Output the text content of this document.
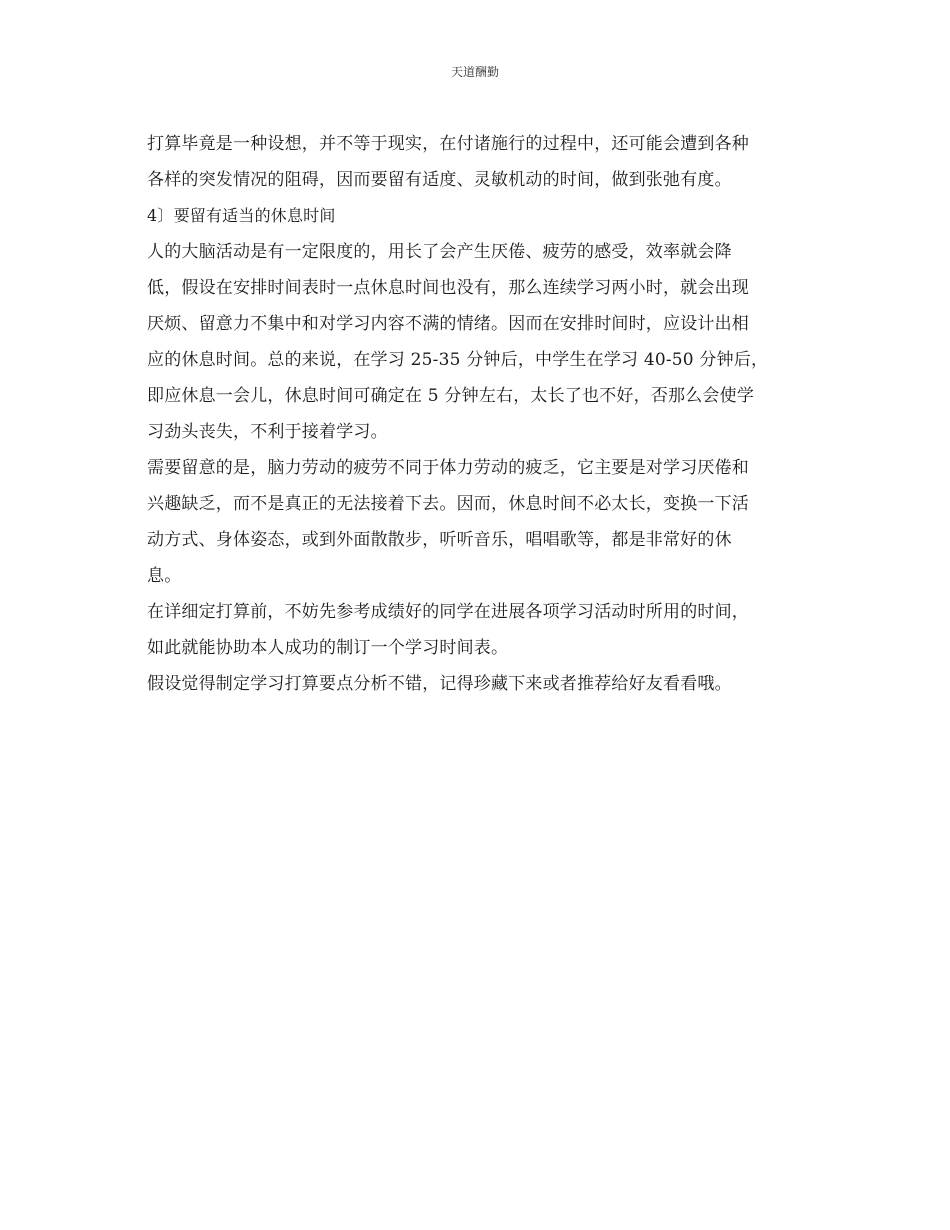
天道酬勤
打算毕竟是一种设想，并不等于现实，在付诸施行的过程中，还可能会遭到各种
各样的突发情况的阻碍，因而要留有适度、灵敏机动的时间，做到张弛有度。
4〕要留有适当的休息时间
人的大脑活动是有一定限度的，用长了会产生厌倦、疲劳的感受，效率就会降
低，假设在安排时间表时一点休息时间也没有，那么连续学习两小时，就会出现
厌烦、留意力不集中和对学习内容不满的情绪。因而在安排时间时，应设计出相
应的休息时间。总的来说，在学习 25-35 分钟后，中学生在学习 40-50 分钟后，
即应休息一会儿，休息时间可确定在 5 分钟左右，太长了也不好，否那么会使学
习劲头丧失，不利于接着学习。
需要留意的是，脑力劳动的疲劳不同于体力劳动的疲乏，它主要是对学习厌倦和
兴趣缺乏，而不是真正的无法接着下去。因而，休息时间不必太长，变换一下活
动方式、身体姿态，或到外面散散步，听听音乐，唱唱歌等，都是非常好的休
息。
在详细定打算前，不妨先参考成绩好的同学在进展各项学习活动时所用的时间，
如此就能协助本人成功的制订一个学习时间表。
假设觉得制定学习打算要点分析不错，记得珍藏下来或者推荐给好友看看哦。
